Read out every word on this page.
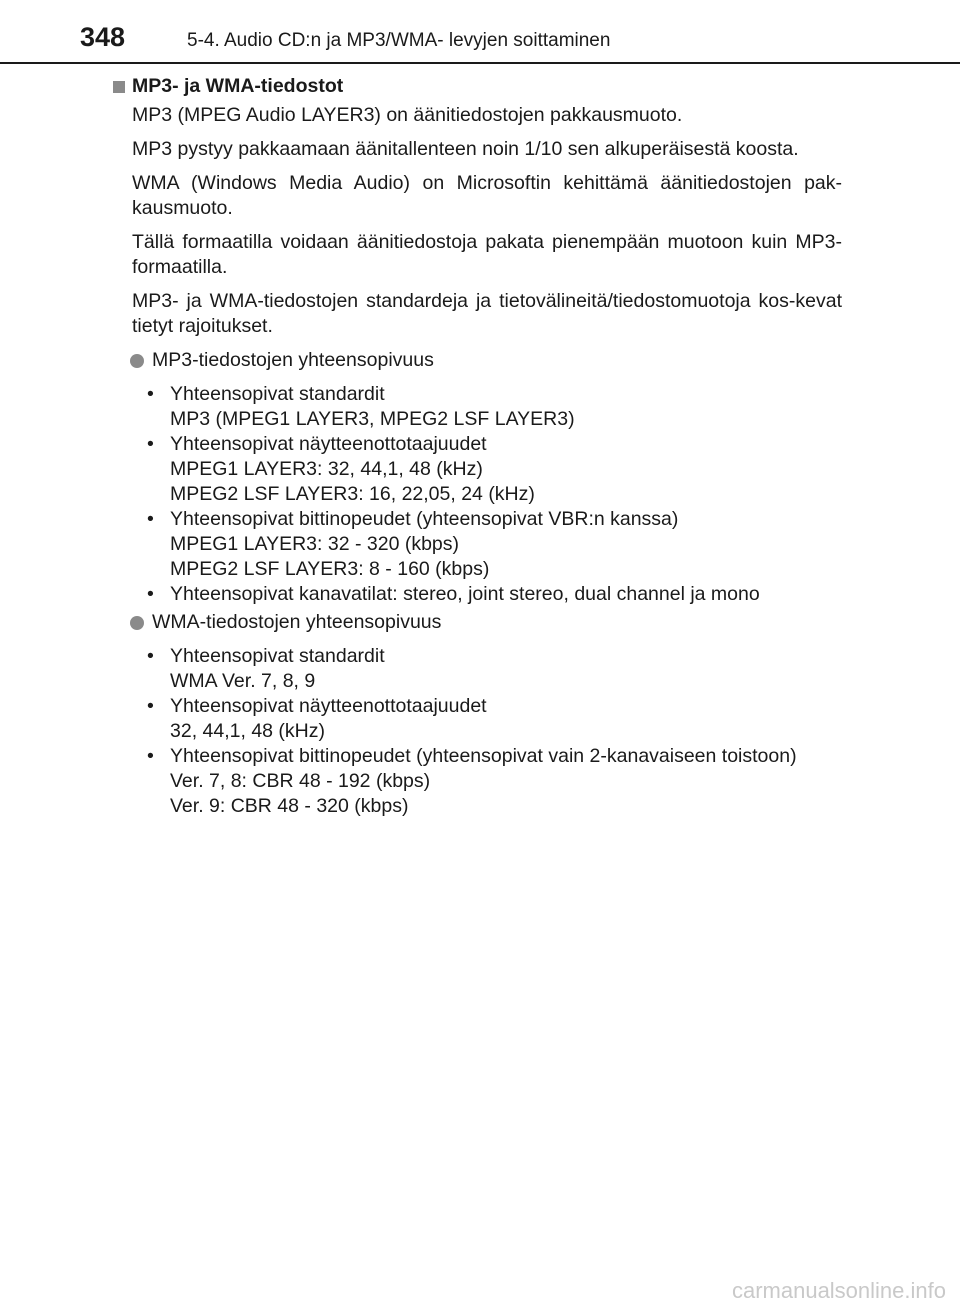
348	5-4. Audio CD:n ja MP3/WMA- levyjen soittaminen
MP3- ja WMA-tiedostot

MP3 (MPEG Audio LAYER3) on äänitiedostojen pakkausmuoto.

MP3 pystyy pakkaamaan äänitallenteen noin 1/10 sen alkuperäisestä koosta.

WMA (Windows Media Audio) on Microsoftin kehittämä äänitiedostojen pak-kausmuoto.

Tällä formaatilla voidaan äänitiedostoja pakata pienempään muotoon kuin MP3-formaatilla.

MP3- ja WMA-tiedostojen standardeja ja tietovälineitä/tiedostomuotoja kos-kevat tietyt rajoitukset.

MP3-tiedostojen yhteensopivuus
• Yhteensopivat standardit
MP3 (MPEG1 LAYER3, MPEG2 LSF LAYER3)
• Yhteensopivat näytteenottotaajuudet
MPEG1 LAYER3: 32, 44,1, 48 (kHz)
MPEG2 LSF LAYER3: 16, 22,05, 24 (kHz)
• Yhteensopivat bittinopeudet (yhteensopivat VBR:n kanssa)
MPEG1 LAYER3: 32 - 320 (kbps)
MPEG2 LSF LAYER3: 8 - 160 (kbps)
• Yhteensopivat kanavatilat: stereo, joint stereo, dual channel ja mono
WMA-tiedostojen yhteensopivuus
• Yhteensopivat standardit
WMA Ver. 7, 8, 9
• Yhteensopivat näytteenottotaajuudet
32, 44,1, 48 (kHz)
• Yhteensopivat bittinopeudet (yhteensopivat vain 2-kanavaiseen toistoon)
Ver. 7, 8: CBR 48 - 192 (kbps)
Ver. 9: CBR 48 - 320 (kbps)
carmanualsonline.info
